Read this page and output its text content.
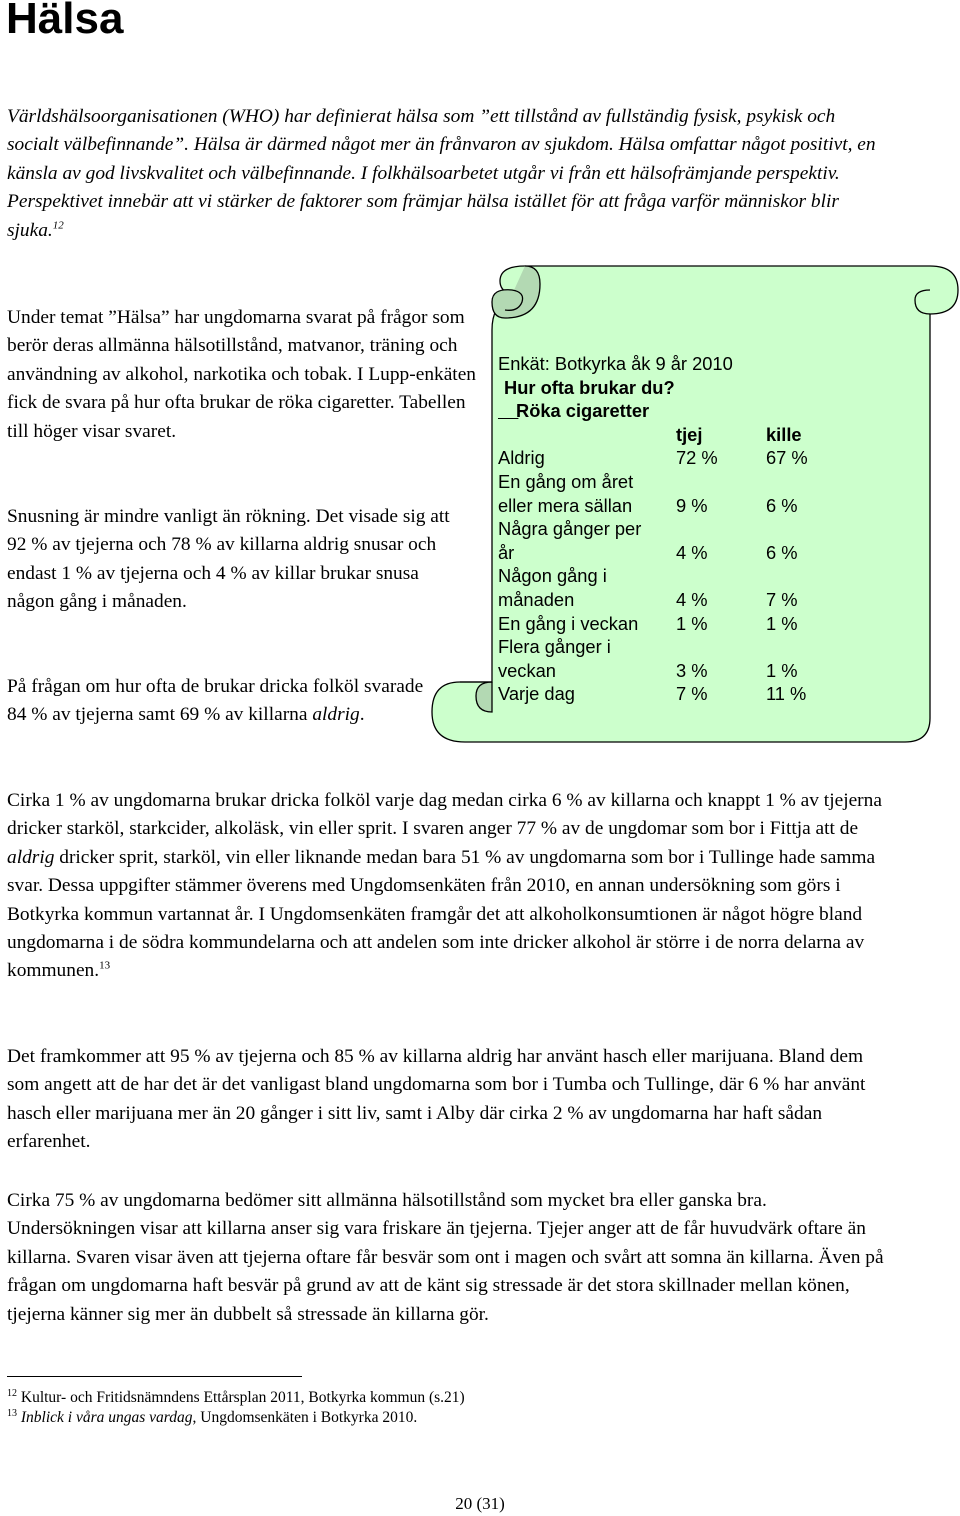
Hälsa

Världshälsoorganisationen (WHO) har definierat hälsa som ”ett tillstånd av fullständig fysisk, psykisk och socialt välbefinnande”. Hälsa är därmed något mer än frånvaron av sjukdom. Hälsa omfattar något positivt, en känsla av god livskvalitet och välbefinnande. I folkhälsoarbetet utgår vi från ett hälsofrämjande perspektiv. Perspektivet innebär att vi stärker de faktorer som främjar hälsa istället för att fråga varför människor blir sjuka.$^{12}$

Under temat ”Hälsa” har ungdomarna svarat på frågor som berör deras allmänna hälsotillstånd, matvanor, träning och användning av alkohol, narkotika och tobak. I Lupp-enkäten fick de svara på hur ofta brukar de röka cigaretter. Tabellen till höger visar svaret.

Snusning är mindre vanligt än rökning. Det visade sig att 92 % av tjejerna och 78 % av killarna aldrig snusar och endast 1 % av tjejerna och 4 % av killar brukar snusa någon gång i månaden.

På frågan om hur ofta de brukar dricka folköl svarade 84 % av tjejerna samt 69 % av killarna aldrig.

Enkät: Botkyrka åk 9 år 2010
Hur ofta brukar du?

Röka cigaretter
tjej	kille
Aldrig	72 %	67 %
En gång om året
eller mera sällan 9 %	6 %
Några gånger per
år	4 %	6 %
Någon gång i
månaden	4 %	7 %
En gång i veckan 1 %	1 %
Flera gånger i
veckan	3 %	1 %
Varje dag	7 %	11 %

Cirka 1 % av ungdomarna brukar dricka folköl varje dag medan cirka 6 % av killarna och knappt 1 % av tjejerna dricker starköl, starkcider, alkoläsk, vin eller sprit. I svaren anger 77 % av de ungdomar som bor i Fittja att de aldrig dricker sprit, starköl, vin eller liknande medan bara 51 % av ungdomarna som bor i Tullinge hade samma svar. Dessa uppgifter stämmer överens med Ungdomsenkäten från 2010, en annan undersökning som görs i Botkyrka kommun vartannat år. I Ungdomsenkäten framgår det att alkoholkonsumtionen är något högre bland ungdomarna i de södra kommundelarna och att andelen som inte dricker alkohol är större i de norra delarna av kommunen.$^{13}$

Det framkommer att 95 % av tjejerna och 85 % av killarna aldrig har använt hasch eller marijuana. Bland dem som angett att de har det är det vanligast bland ungdomarna som bor i Tumba och Tullinge, där 6 % har använt hasch eller marijuana mer än 20 gånger i sitt liv, samt i Alby där cirka 2 % av ungdomarna har haft sådan erfarenhet.

Cirka 75 % av ungdomarna bedömer sitt allmänna hälsotillstånd som mycket bra eller ganska bra. Undersökningen visar att killarna anser sig vara friskare än tjejerna. Tjejer anger att de får huvudvärk oftare än killarna. Svaren visar även att tjejerna oftare får besvär som ont i magen och svårt att somna än killarna. Även på frågan om ungdomarna haft besvär på grund av att de känt sig stressade är det stora skillnader mellan könen, tjejerna känner sig mer än dubbelt så stressade än killarna gör.

$^{12}$ Kultur- och Fritidsnämndens Ettårsplan 2011, Botkyrka kommun (s.21)
$^{13}$ Inblick i våra ungas vardag, Ungdomsenkäten i Botkyrka 2010.
20 (31)
